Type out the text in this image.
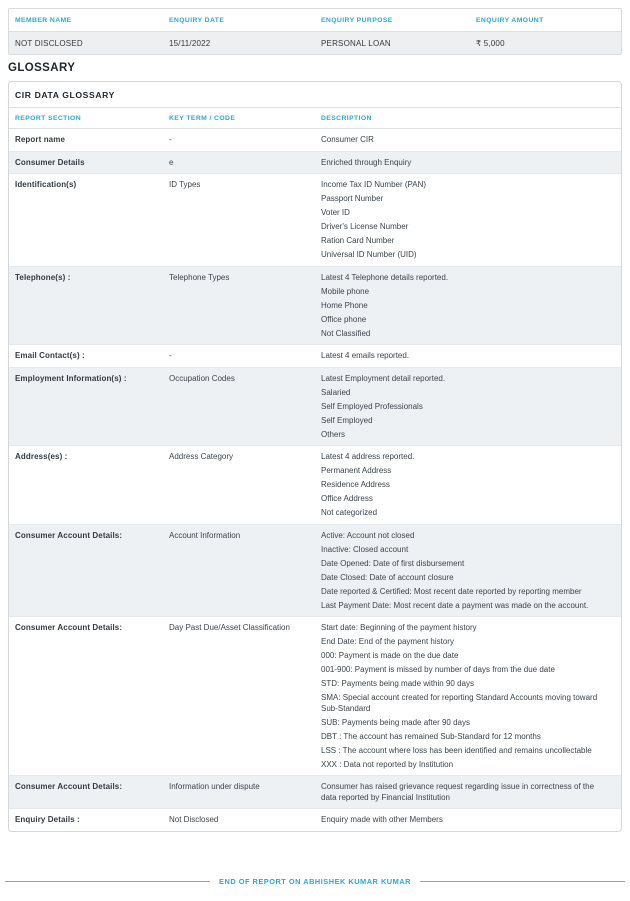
MEMBER NAME	ENQUIRY DATE	ENQUIRY PURPOSE	ENQUIRY AMOUNT
NOT DISCLOSED	15/11/2022	PERSONAL LOAN	₹ 5,000
GLOSSARY
CIR DATA GLOSSARY
REPORT SECTION	KEY TERM / CODE	DESCRIPTION
Report name	-	Consumer CIR
Consumer Details	e	Enriched through Enquiry
Identification(s)	ID Types	Income Tax ID Number (PAN)
Passport Number
Voter ID
Driver's License Number
Ration Card Number
Universal ID Number (UID)
Telephone(s) :	Telephone Types	Latest 4 Telephone details reported.
Mobile phone
Home Phone
Office phone
Not Classified
Email Contact(s) :	-	Latest 4 emails reported.
Employment Information(s) :	Occupation Codes	Latest Employment detail reported.
Salaried
Self Employed Professionals
Self Employed
Others
Address(es) :	Address Category	Latest 4 address reported.
Permanent Address
Residence Address
Office Address
Not categorized
Consumer Account Details:	Account Information	Active: Account not closed
Inactive: Closed account
Date Opened: Date of first disbursement
Date Closed: Date of account closure
Date reported & Certified: Most recent date reported by reporting member
Last Payment Date: Most recent date a payment was made on the account.
Consumer Account Details:	Day Past Due/Asset Classification	Start date: Beginning of the payment history
End Date: End of the payment history
000: Payment is made on the due date
001-900: Payment is missed by number of days from the due date
STD: Payments being made within 90 days
SMA: Special account created for reporting Standard Accounts moving toward Sub-Standard
SUB: Payments being made after 90 days
DBT : The account has remained Sub-Standard for 12 months
LSS : The account where loss has been identified and remains uncollectable
XXX : Data not reported by Institution
Consumer Account Details:	Information under dispute	Consumer has raised grievance request regarding issue in correctness of the data reported by Financial Institution
Enquiry Details :	Not Disclosed	Enquiry made with other Members
END OF REPORT ON ABHISHEK KUMAR KUMAR
